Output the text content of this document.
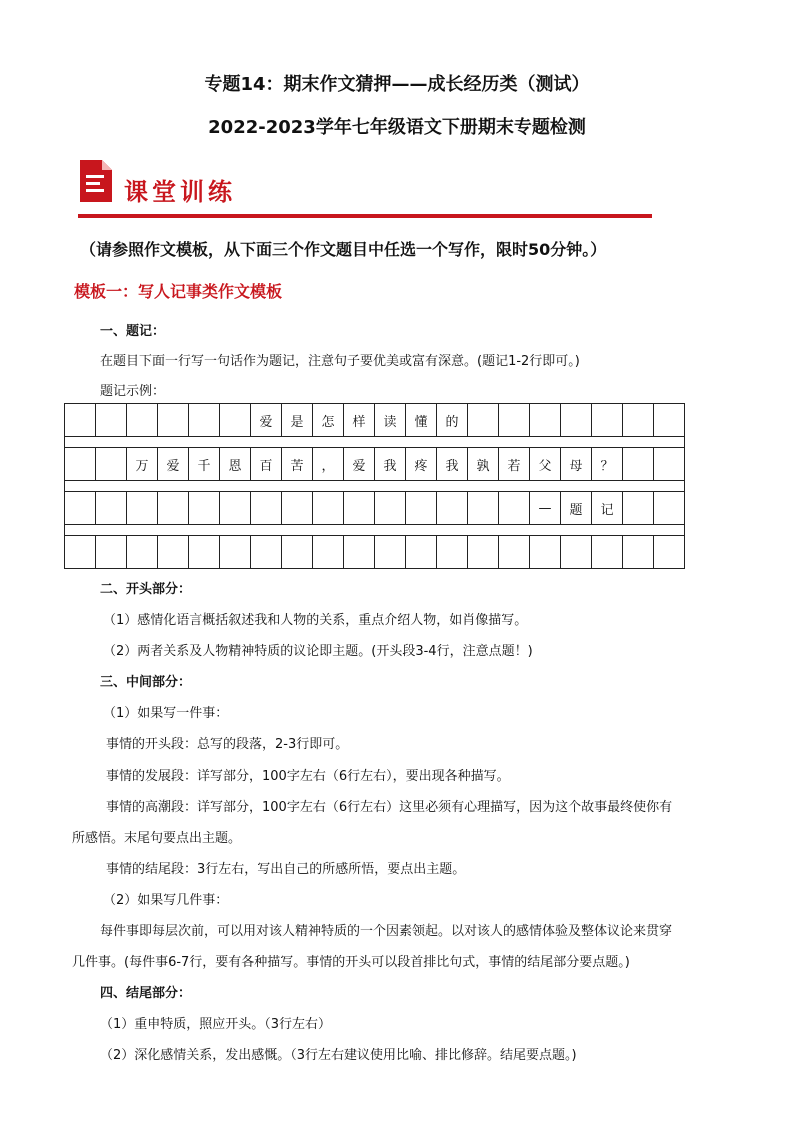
专题14：期末作文猜押——成长经历类（测试）
2022-2023学年七年级语文下册期末专题检测
课堂训练
（请参照作文模板，从下面三个作文题目中任选一个写作，限时50分钟。）
模板一：写人记事类作文模板
一、题记：
在题目下面一行写一句话作为题记，注意句子要优美或富有深意。(题记1-2行即可。)
题记示例：
						爱	是	怎	样	读	懂	的							

		万	爱	千	恩	百	苦	，	爱	我	疼	我	孰	若	父	母	？		

															—	题	记		

二、开头部分：
（1）感情化语言概括叙述我和人物的关系，重点介绍人物，如肖像描写。
（2）两者关系及人物精神特质的议论即主题。(开头段3-4行，注意点题！)
三、中间部分：
（1）如果写一件事：
事情的开头段：总写的段落，2-3行即可。
事情的发展段：详写部分，100字左右（6行左右），要出现各种描写。
事情的高潮段：详写部分，100字左右（6行左右）这里必须有心理描写，因为这个故事最终使你有
所感悟。末尾句要点出主题。
事情的结尾段：3行左右，写出自己的所感所悟，要点出主题。
（2）如果写几件事：
每件事即每层次前，可以用对该人精神特质的一个因素领起。以对该人的感情体验及整体议论来贯穿
几件事。(每件事6-7行，要有各种描写。事情的开头可以段首排比句式，事情的结尾部分要点题。)
四、结尾部分：
（1）重申特质，照应开头。（3行左右）
（2）深化感情关系，发出感慨。（3行左右建议使用比喻、排比修辞。结尾要点题。)
